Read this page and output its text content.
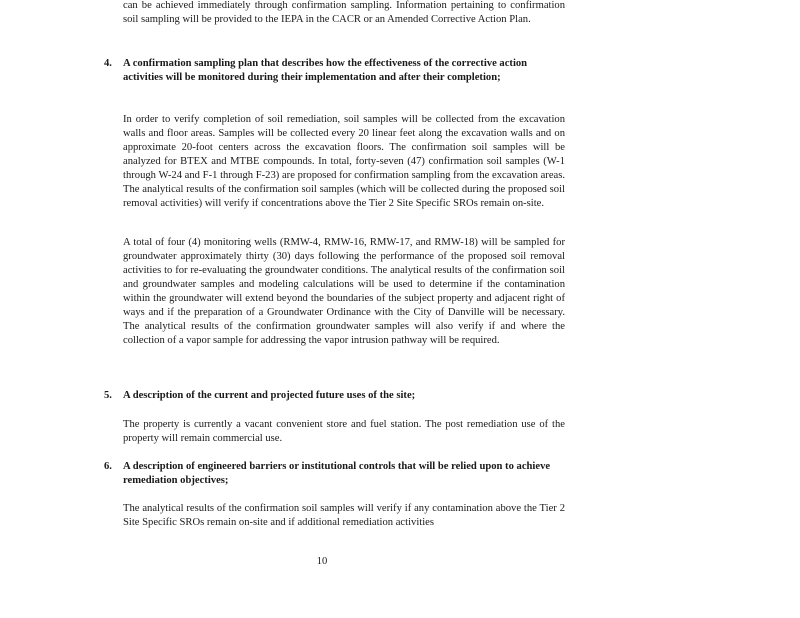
can be achieved immediately through confirmation sampling. Information pertaining to confirmation soil sampling will be provided to the IEPA in the CACR or an Amended Corrective Action Plan.

4. A confirmation sampling plan that describes how the effectiveness of the corrective action activities will be monitored during their implementation and after their completion;

In order to verify completion of soil remediation, soil samples will be collected from the excavation walls and floor areas. Samples will be collected every 20 linear feet along the excavation walls and on approximate 20-foot centers across the excavation floors. The confirmation soil samples will be analyzed for BTEX and MTBE compounds. In total, forty-seven (47) confirmation soil samples (W-1 through W-24 and F-1 through F-23) are proposed for confirmation sampling from the excavation areas. The analytical results of the confirmation soil samples (which will be collected during the proposed soil removal activities) will verify if concentrations above the Tier 2 Site Specific SROs remain on-site.

A total of four (4) monitoring wells (RMW-4, RMW-16, RMW-17, and RMW-18) will be sampled for groundwater approximately thirty (30) days following the performance of the proposed soil removal activities to for re-evaluating the groundwater conditions. The analytical results of the confirmation soil and groundwater samples and modeling calculations will be used to determine if the contamination within the groundwater will extend beyond the boundaries of the subject property and adjacent right of ways and if the preparation of a Groundwater Ordinance with the City of Danville will be necessary. The analytical results of the confirmation groundwater samples will also verify if and where the collection of a vapor sample for addressing the vapor intrusion pathway will be required.

5. A description of the current and projected future uses of the site;

The property is currently a vacant convenient store and fuel station. The post remediation use of the property will remain commercial use.

6. A description of engineered barriers or institutional controls that will be relied upon to achieve remediation objectives;

The analytical results of the confirmation soil samples will verify if any contamination above the Tier 2 Site Specific SROs remain on-site and if additional remediation activities

10
